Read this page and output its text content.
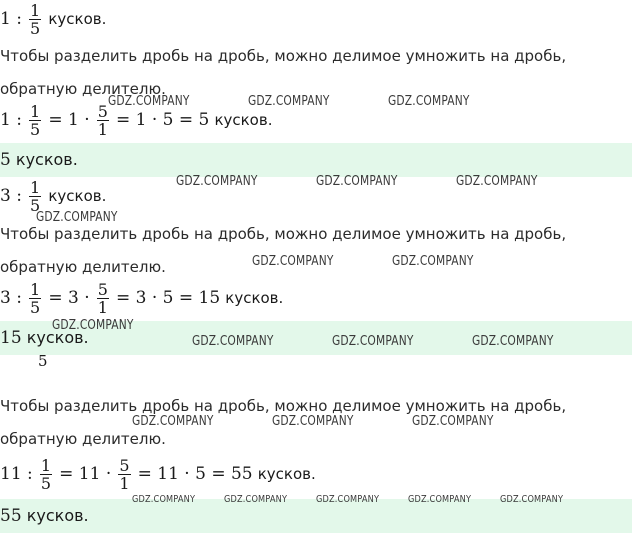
1 : $\frac{1}{5}$ кусков.
Чтобы разделить дробь на дробь, можно делимое умножить на дробь,
обратную делителю.
1 : $\frac{1}{5} = 1 \cdot \frac{5}{1} = 1 \cdot 5 = 5$ кусков.
5 кусков.
3 : $\frac{1}{5}$ кусков.
Чтобы разделить дробь на дробь, можно делимое умножить на дробь,
обратную делителю.
3 : $\frac{1}{5} = 3 \cdot \frac{5}{1} = 3 \cdot 5 = 15$ кусков.
15 кусков.
5
Чтобы разделить дробь на дробь, можно делимое умножить на дробь,
обратную делителю.
11 : $\frac{1}{5} = 11 \cdot \frac{5}{1} = 11 \cdot 5 = 55$ кусков.
55 кусков.
GDZ.COMPANY	GDZ.COMPANY	GDZ.COMPANY
GDZ.COMPANY	GDZ.COMPANY	GDZ.COMPANY
GDZ.COMPANY
GDZ.COMPANY	GDZ.COMPANY
GDZ.COMPANY
GDZ.COMPANY	GDZ.COMPANY	GDZ.COMPANY
GDZ.COMPANY	GDZ.COMPANY	GDZ.COMPANY
GDZ.COMPANY	GDZ.COMPANY	GDZ.COMPANY	GDZ.COMPANY	GDZ.COMPANY
